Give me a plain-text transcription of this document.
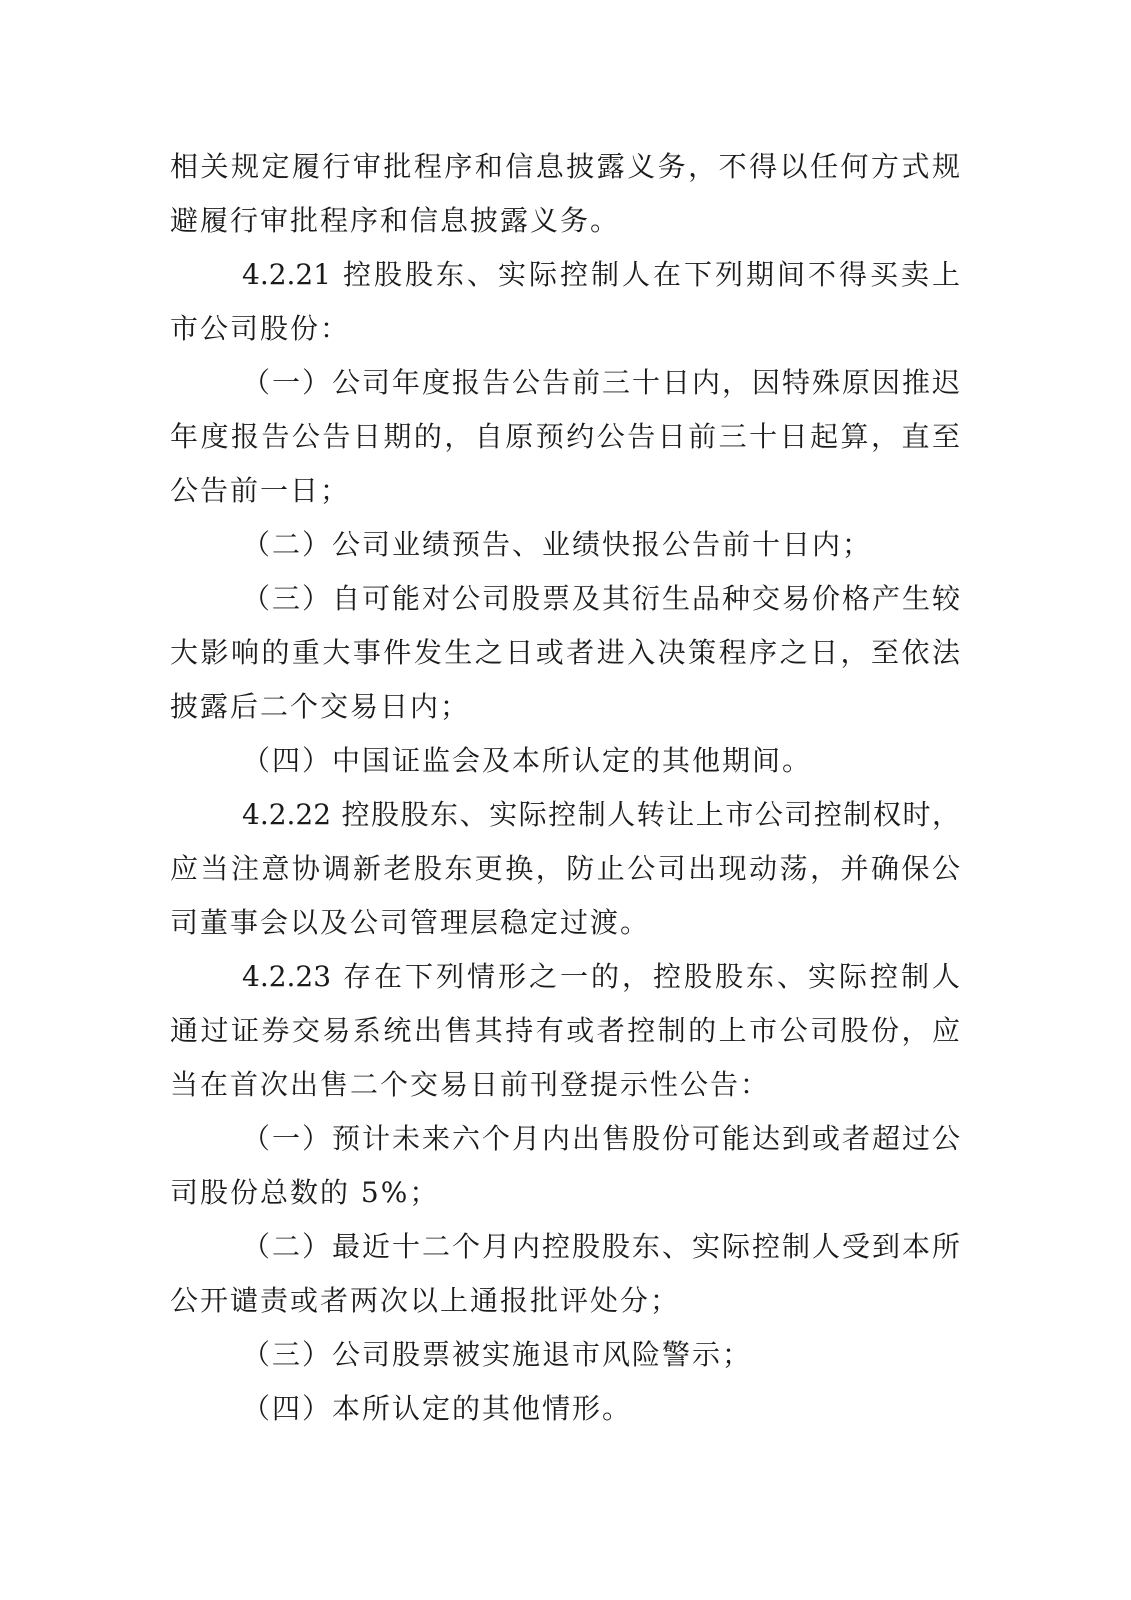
相关规定履行审批程序和信息披露义务，不得以任何方式规
避履行审批程序和信息披露义务。
4.2.21 控股股东、实际控制人在下列期间不得买卖上
市公司股份：
（一）公司年度报告公告前三十日内，因特殊原因推迟
年度报告公告日期的，自原预约公告日前三十日起算，直至
公告前一日；
（二）公司业绩预告、业绩快报公告前十日内；
（三）自可能对公司股票及其衍生品种交易价格产生较
大影响的重大事件发生之日或者进入决策程序之日，至依法
披露后二个交易日内；
（四）中国证监会及本所认定的其他期间。
4.2.22 控股股东、实际控制人转让上市公司控制权时，
应当注意协调新老股东更换，防止公司出现动荡，并确保公
司董事会以及公司管理层稳定过渡。
4.2.23 存在下列情形之一的，控股股东、实际控制人
通过证券交易系统出售其持有或者控制的上市公司股份，应
当在首次出售二个交易日前刊登提示性公告：
（一）预计未来六个月内出售股份可能达到或者超过公
司股份总数的 5%；
（二）最近十二个月内控股股东、实际控制人受到本所
公开谴责或者两次以上通报批评处分；
（三）公司股票被实施退市风险警示；
（四）本所认定的其他情形。
